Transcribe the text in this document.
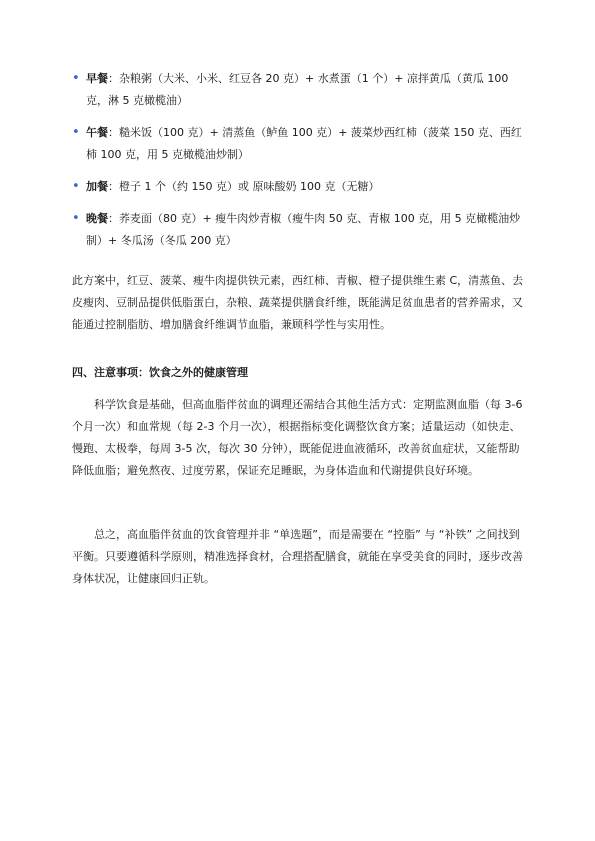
• 早餐：杂粮粥（大米、小米、红豆各 20 克）+ 水煮蛋（1 个）+ 凉拌黄瓜（黄瓜 100 克，淋 5 克橄榄油）
• 午餐：糙米饭（100 克）+ 清蒸鱼（鲈鱼 100 克）+ 菠菜炒西红柿（菠菜 150 克、西红柿 100 克，用 5 克橄榄油炒制）
• 加餐：橙子 1 个（约 150 克）或 原味酸奶 100 克（无糖）
• 晚餐：荞麦面（80 克）+ 瘦牛肉炒青椒（瘦牛肉 50 克、青椒 100 克，用 5 克橄榄油炒制）+ 冬瓜汤（冬瓜 200 克）

此方案中，红豆、菠菜、瘦牛肉提供铁元素，西红柿、青椒、橙子提供维生素 C，清蒸鱼、去皮瘦肉、豆制品提供低脂蛋白，杂粮、蔬菜提供膳食纤维，既能满足贫血患者的营养需求，又能通过控制脂肪、增加膳食纤维调节血脂，兼顾科学性与实用性。

四、注意事项：饮食之外的健康管理

科学饮食是基础，但高血脂伴贫血的调理还需结合其他生活方式：定期监测血脂（每 3-6 个月一次）和血常规（每 2-3 个月一次），根据指标变化调整饮食方案；适量运动（如快走、慢跑、太极拳，每周 3-5 次，每次 30 分钟），既能促进血液循环，改善贫血症状，又能帮助降低血脂；避免熬夜、过度劳累，保证充足睡眠，为身体造血和代谢提供良好环境。

总之，高血脂伴贫血的饮食管理并非 “单选题”，而是需要在 “控脂” 与 “补铁” 之间找到平衡。只要遵循科学原则，精准选择食材，合理搭配膳食，就能在享受美食的同时，逐步改善身体状况，让健康回归正轨。
